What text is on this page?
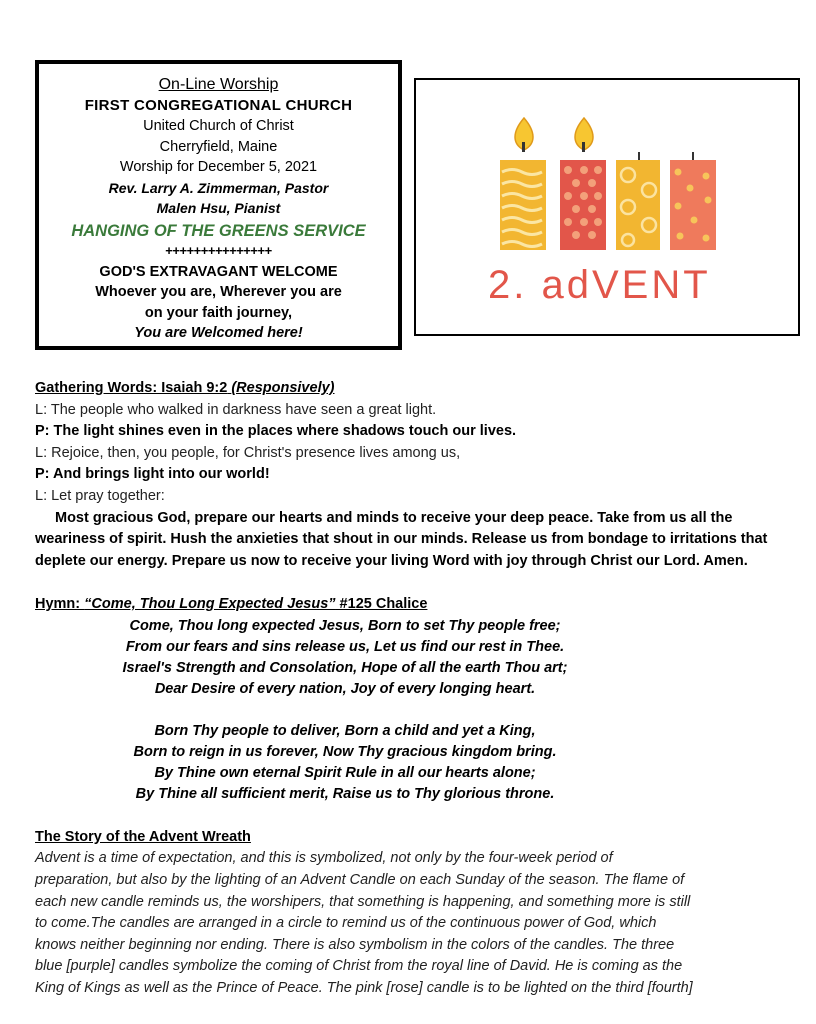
On-Line Worship
FIRST CONGREGATIONAL CHURCH
United Church of Christ
Cherryfield, Maine
Worship for December 5, 2021
Rev. Larry A. Zimmerman, Pastor
Malen Hsu, Pianist
HANGING OF THE GREENS SERVICE
+++++++++++++++
GOD'S EXTRAVAGANT WELCOME
Whoever you are, Wherever you are
on your faith journey,
You are Welcomed here!
2. adVENT
Gathering Words: Isaiah 9:2 (Responsively)
L: The people who walked in darkness have seen a great light.
P: The light shines even in the places where shadows touch our lives.
L: Rejoice, then, you people, for Christ's presence lives among us,
P: And brings light into our world!
L: Let pray together:
Most gracious God, prepare our hearts and minds to receive your deep peace. Take from us all the weariness of spirit. Hush the anxieties that shout in our minds. Release us from bondage to irritations that deplete our energy. Prepare us now to receive your living Word with joy through Christ our Lord. Amen.
Hymn: “Come, Thou Long Expected Jesus” #125 Chalice
Come, Thou long expected Jesus, Born to set Thy people free;
From our fears and sins release us, Let us find our rest in Thee.
Israel's Strength and Consolation, Hope of all the earth Thou art;
Dear Desire of every nation, Joy of every longing heart.
Born Thy people to deliver, Born a child and yet a King,
Born to reign in us forever, Now Thy gracious kingdom bring.
By Thine own eternal Spirit Rule in all our hearts alone;
By Thine all sufficient merit, Raise us to Thy glorious throne.
The Story of the Advent Wreath
Advent is a time of expectation, and this is symbolized, not only by the four-week period of
preparation, but also by the lighting of an Advent Candle on each Sunday of the season. The flame of
each new candle reminds us, the worshipers, that something is happening, and something more is still
to come.The candles are arranged in a circle to remind us of the continuous power of God, which
knows neither beginning nor ending. There is also symbolism in the colors of the candles. The three
blue [purple] candles symbolize the coming of Christ from the royal line of David. He is coming as the
King of Kings as well as the Prince of Peace. The pink [rose] candle is to be lighted on the third [fourth]
